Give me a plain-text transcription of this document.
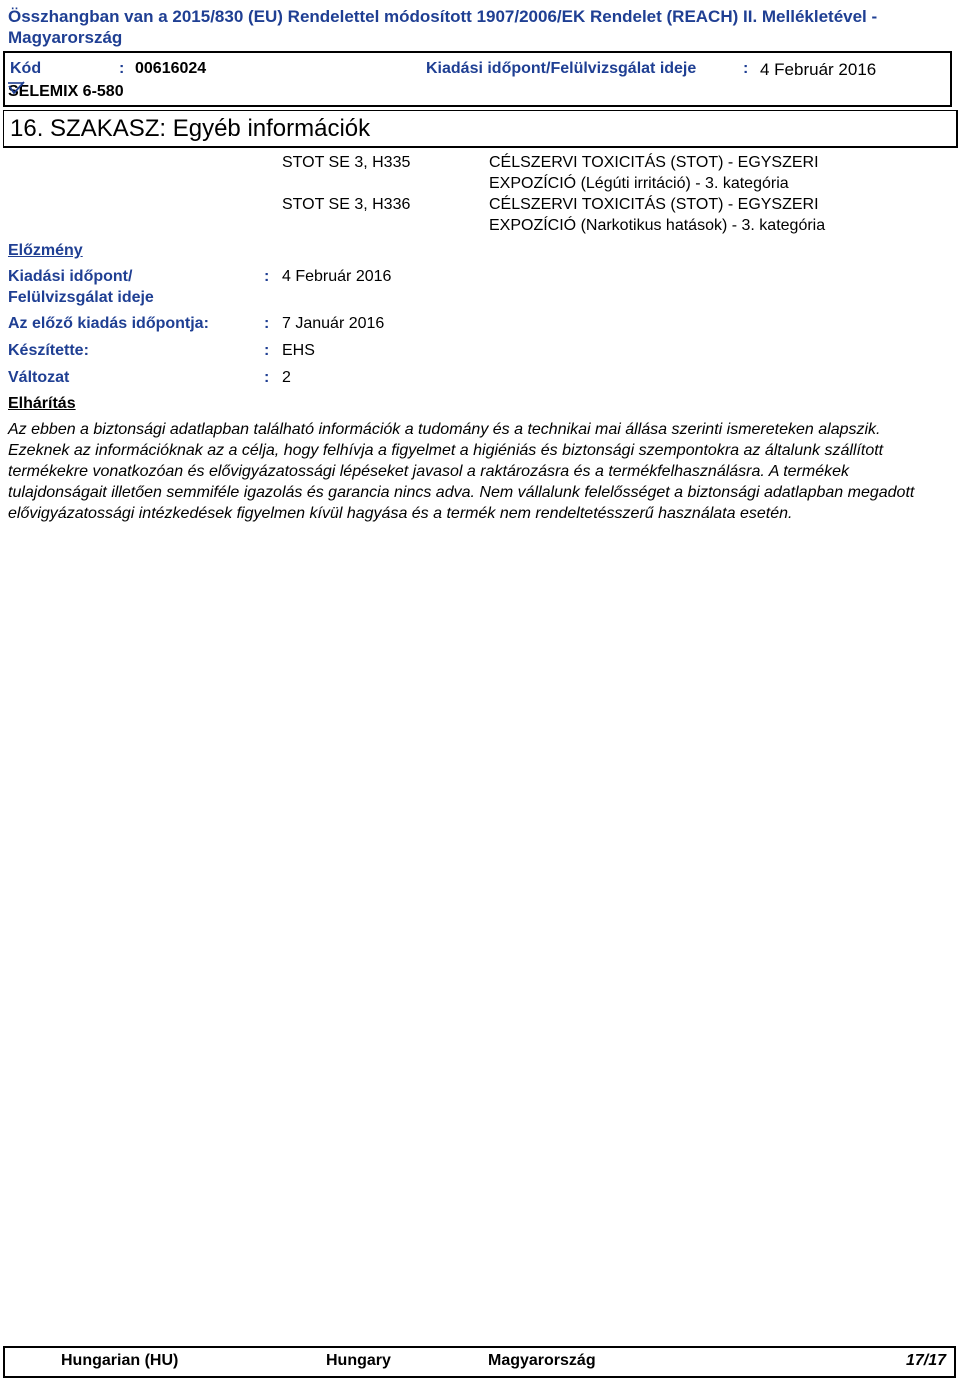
Összhangban van a 2015/830 (EU) Rendelettel módosított 1907/2006/EK Rendelet (REACH) II. Mellékletével - Magyarország
Kód	: 00616024	Kiadási időpont/Felülvizsgálat ideje	: 4 Február 2016
SELEMIX 6-580
16. SZAKASZ: Egyéb információk
STOT SE 3, H335	CÉLSZERVI TOXICITÁS (STOT) - EGYSZERI
EXPOZÍCIÓ (Légúti irritáció) - 3. kategória
STOT SE 3, H336	CÉLSZERVI TOXICITÁS (STOT) - EGYSZERI
EXPOZÍCIÓ (Narkotikus hatások) - 3. kategória
Előzmény
Kiadási időpont/
Felülvizsgálat ideje
: 4 Február 2016
Az előző kiadás időpontja:	: 7 Január 2016
Készítette:	: EHS
Változat	: 2
Elhárítás
Az ebben a biztonsági adatlapban található információk a tudomány és a technikai mai állása szerinti ismereteken alapszik. Ezeknek az információknak az a célja, hogy felhívja a figyelmet a higiéniás és biztonsági szempontokra az általunk szállított termékekre vonatkozóan és elővigyázatossági lépéseket javasol a raktározásra és a termékfelhasználásra. A termékek tulajdonságait illetően semmiféle igazolás és garancia nincs adva. Nem vállalunk felelősséget a biztonsági adatlapban megadott elővigyázatossági intézkedések figyelmen kívül hagyása és a termék nem rendeltetésszerű használata esetén.
Hungarian (HU)	Hungary	Magyarország	17/17
